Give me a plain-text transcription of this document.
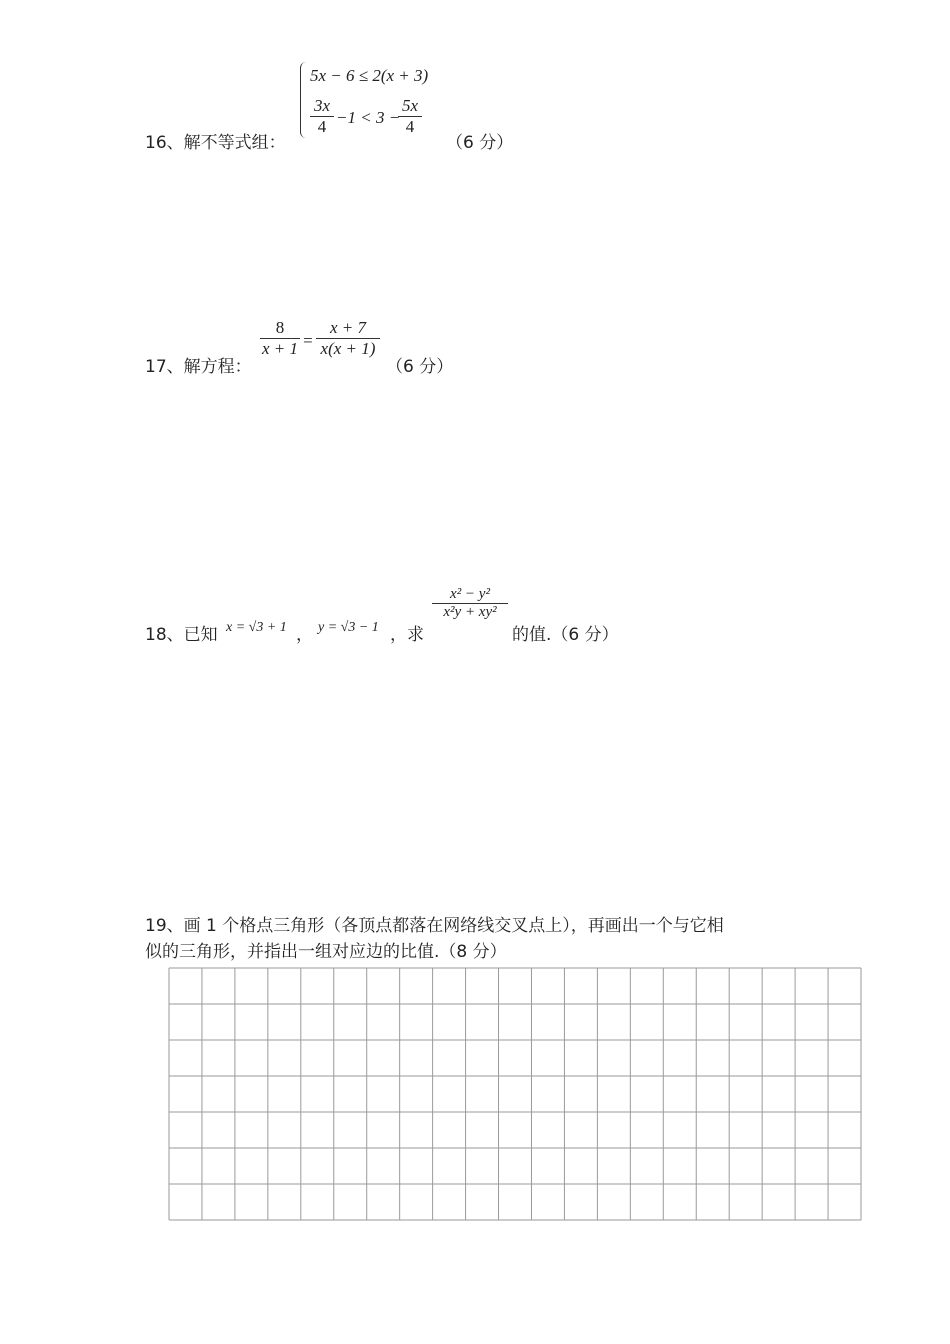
16、解不等式组：
5x − 6 ≤ 2(x + 3)
3x
4 −1 < 3 −
5x
4
（6 分）
17、解方程：
8
x + 1 =
x + 7
x(x + 1)
（6 分）
18、已知 x = √3 + 1 ， y = √3 − 1 ，求
x² − y²
x²y + xy²
的值.（6 分）
19、画 1 个格点三角形（各顶点都落在网络线交叉点上），再画出一个与它相
似的三角形，并指出一组对应边的比值.（8 分）
